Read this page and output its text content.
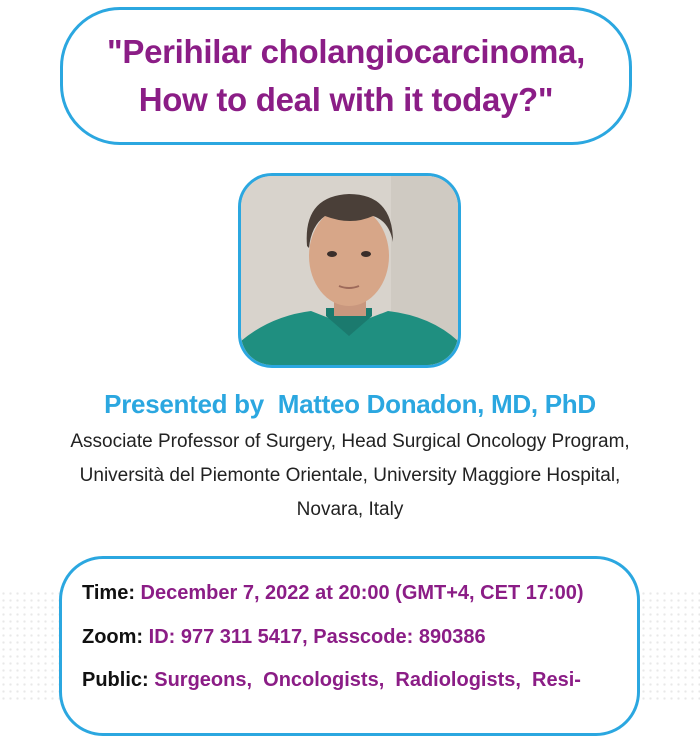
"Perihilar cholangiocarcinoma,
How to deal with it today?"
Presented by  Matteo Donadon, MD, PhD
Associate Professor of Surgery, Head Surgical Oncology Program,
Università del Piemonte Orientale, University Maggiore Hospital,
Novara, Italy
Time: December 7, 2022 at 20:00 (GMT+4, CET 17:00)
Zoom: ID: 977 311 5417, Passcode: 890386
Public: Surgeons,  Oncologists,  Radiologists,  Resi-
